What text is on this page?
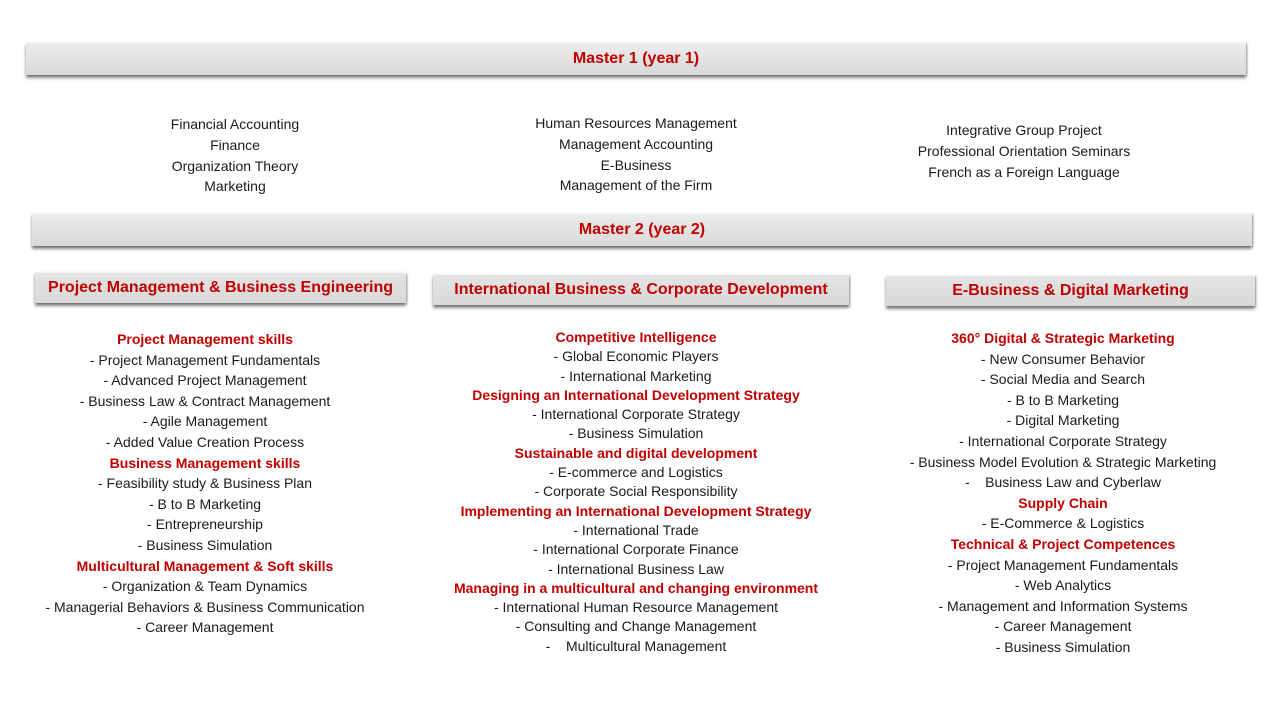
Master 1 (year 1)
Financial Accounting
Finance
Organization Theory
Marketing
Human Resources Management
Management Accounting
E-Business
Management of the Firm
Integrative Group Project
Professional Orientation Seminars
French as a Foreign Language
Master 2 (year 2)
Project Management & Business Engineering	International Business & Corporate Development	E-Business & Digital Marketing
Project Management skills
- Project Management Fundamentals
- Advanced Project Management
- Business Law & Contract Management
- Agile Management
- Added Value Creation Process
Business Management skills
- Feasibility study & Business Plan
- B to B Marketing
- Entrepreneurship
- Business Simulation
Multicultural Management & Soft skills
- Organization & Team Dynamics
- Managerial Behaviors & Business Communication
- Career Management
Competitive Intelligence
- Global Economic Players
- International Marketing
Designing an International Development Strategy
- International Corporate Strategy
- Business Simulation
Sustainable and digital development
- E-commerce and Logistics
- Corporate Social Responsibility
Implementing an International Development Strategy
- International Trade
- International Corporate Finance
- International Business Law
Managing in a multicultural and changing environment
- International Human Resource Management
- Consulting and Change Management
-    Multicultural Management
360° Digital & Strategic Marketing
- New Consumer Behavior
- Social Media and Search
- B to B Marketing
- Digital Marketing
- International Corporate Strategy
- Business Model Evolution & Strategic Marketing
-    Business Law and Cyberlaw
Supply Chain
- E-Commerce & Logistics
Technical & Project Competences
- Project Management Fundamentals
- Web Analytics
- Management and Information Systems
- Career Management
- Business Simulation
